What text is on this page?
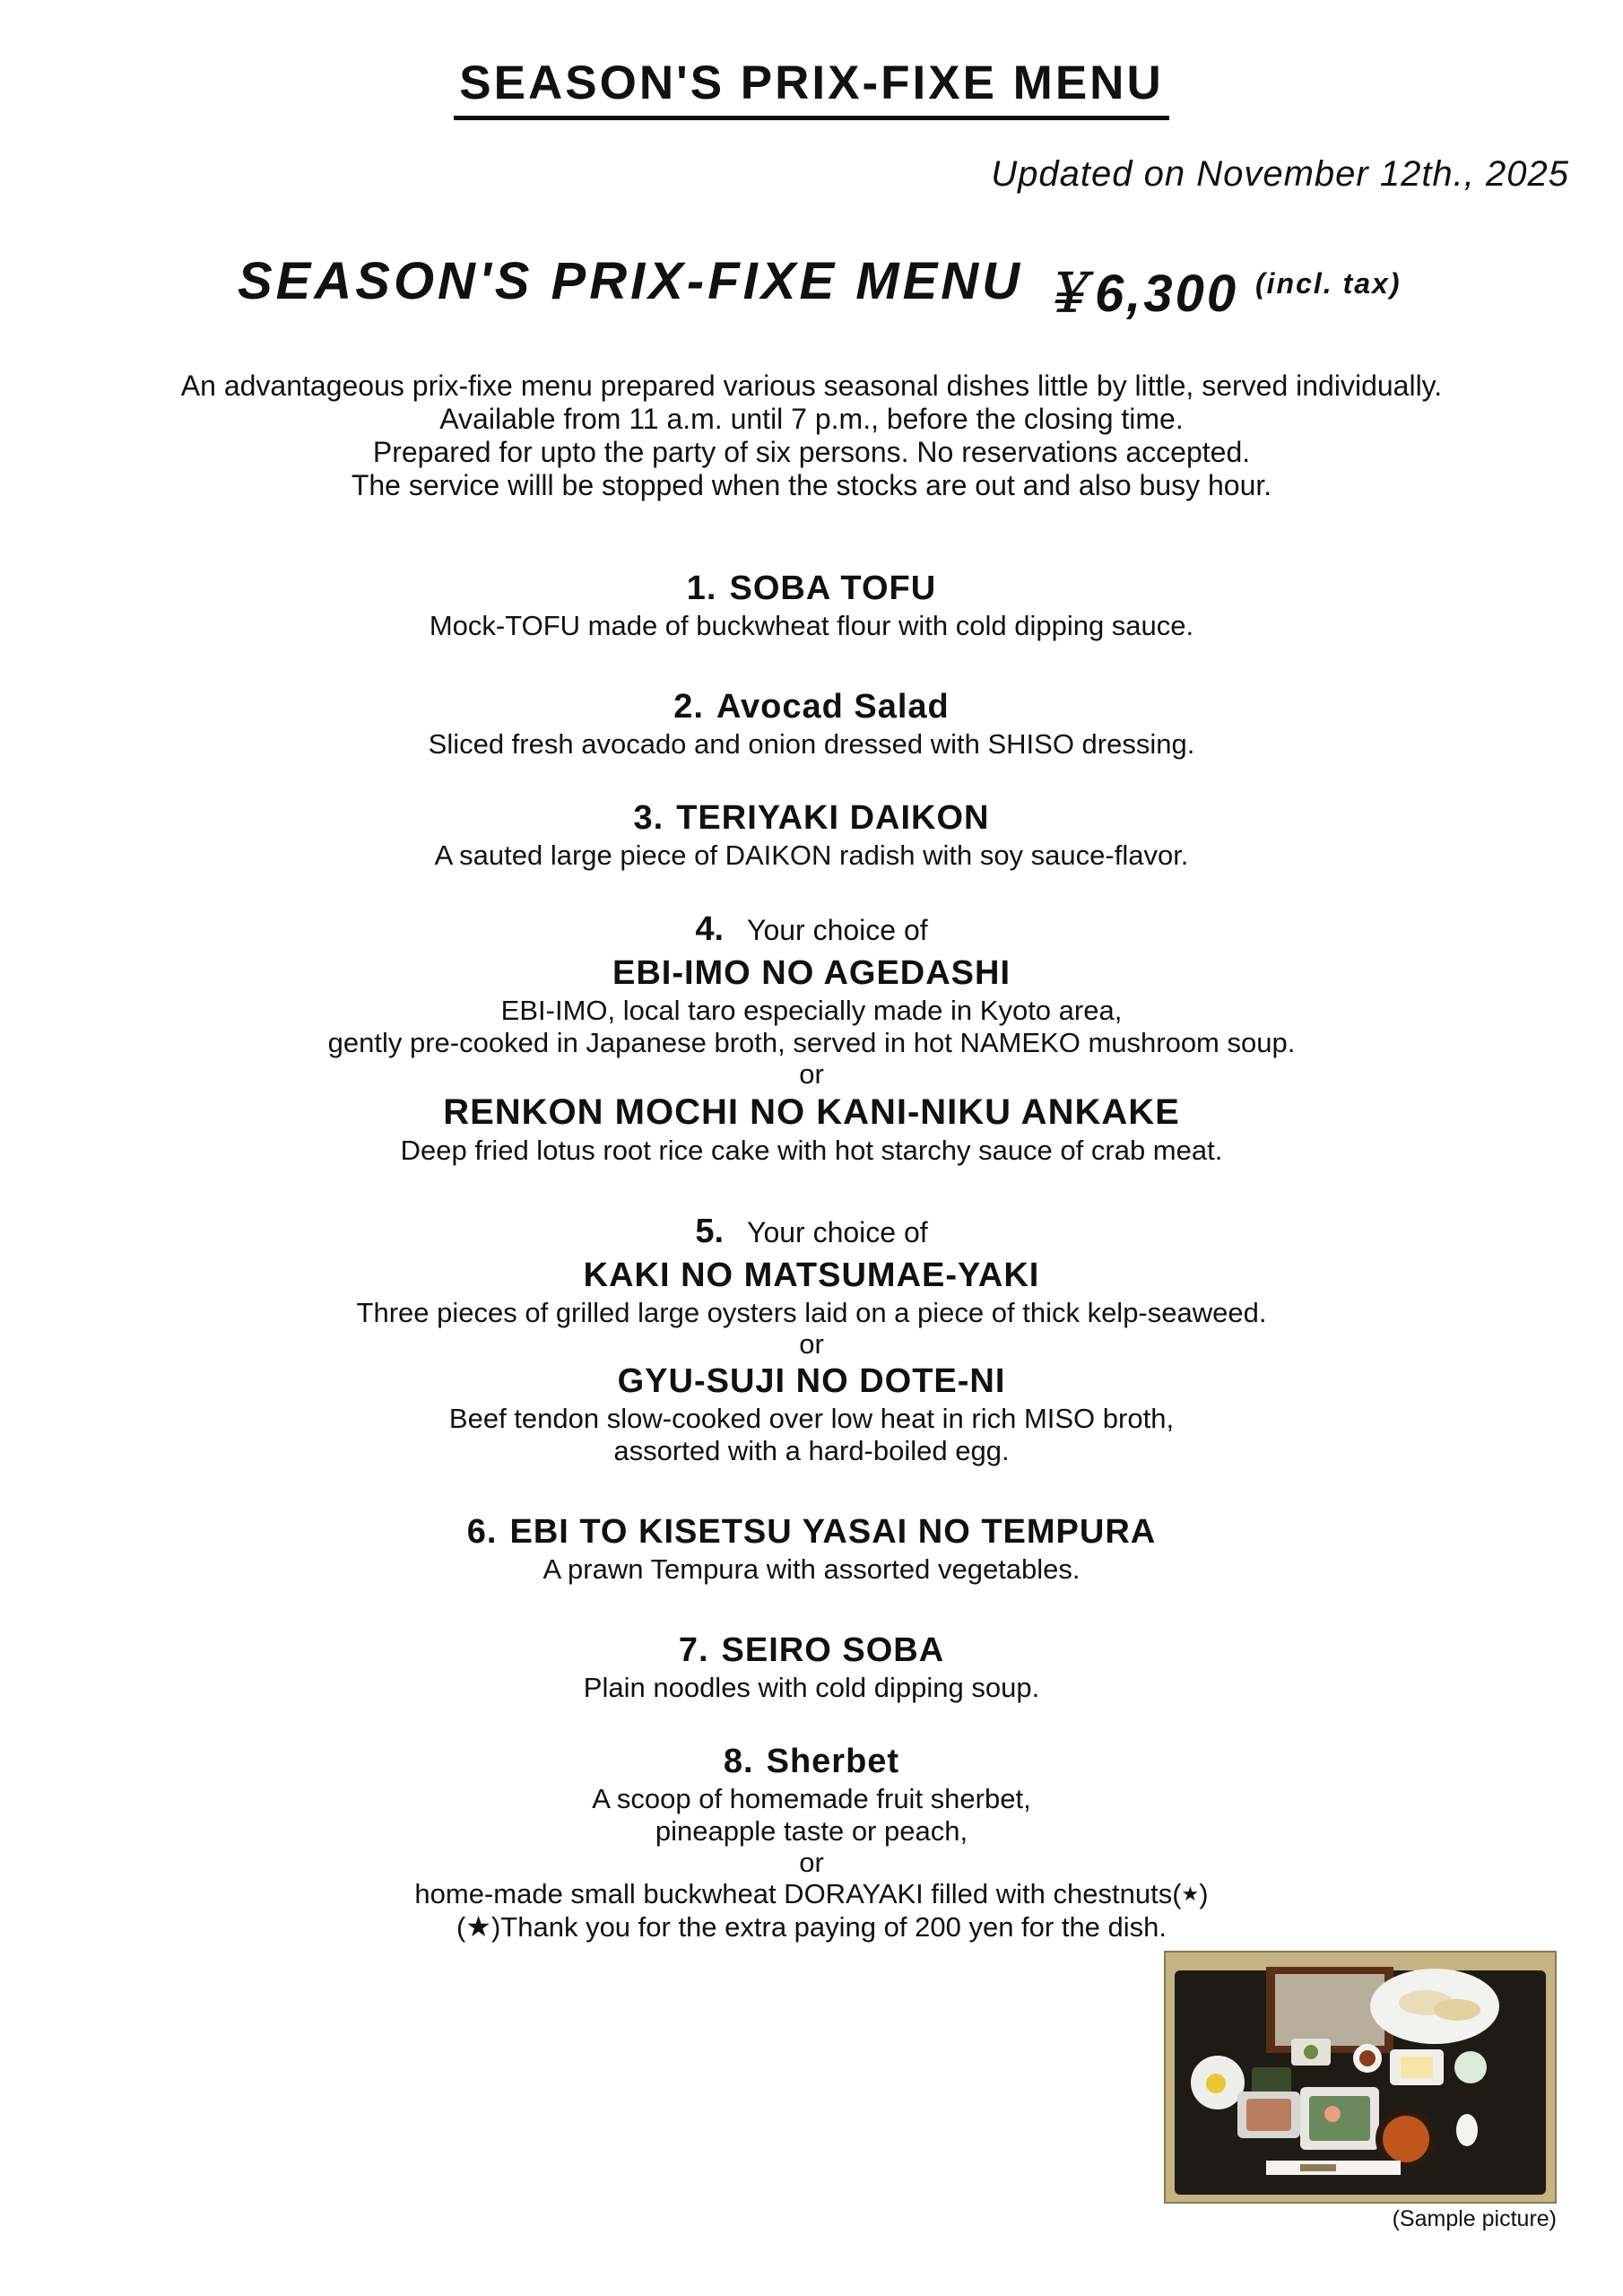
SEASON'S PRIX-FIXE MENU
Updated on November 12th., 2025
SEASON'S PRIX-FIXE MENU ￥6,300 (incl. tax)
An advantageous prix-fixe menu prepared various seasonal dishes little by little, served individually.
Available from 11 a.m. until 7 p.m., before the closing time.
Prepared for upto the party of six persons. No reservations accepted.
The service willl be stopped when the stocks are out and also busy hour.
1. SOBA TOFU
Mock-TOFU made of buckwheat flour with cold dipping sauce.
2. Avocad Salad
Sliced fresh avocado and onion dressed with SHISO dressing.
3. TERIYAKI DAIKON
A sauted large piece of DAIKON radish with soy sauce-flavor.
4. Your choice of
EBI-IMO NO AGEDASHI
EBI-IMO, local taro especially made in Kyoto area,
gently pre-cooked in Japanese broth, served in hot NAMEKO mushroom soup.
or
RENKON MOCHI NO KANI-NIKU ANKAKE
Deep fried lotus root rice cake with hot starchy sauce of crab meat.
5. Your choice of
KAKI NO MATSUMAE-YAKI
Three pieces of grilled large oysters laid on a piece of thick kelp-seaweed.
or
GYU-SUJI NO DOTE-NI
Beef tendon slow-cooked over low heat in rich MISO broth,
assorted with a hard-boiled egg.
6. EBI TO KISETSU YASAI NO TEMPURA
A prawn Tempura with assorted vegetables.
7. SEIRO SOBA
Plain noodles with cold dipping soup.
8. Sherbet
A scoop of homemade fruit sherbet,
pineapple taste or peach,
or
home-made small buckwheat DORAYAKI filled with chestnuts(★)
(★)Thank you for the extra paying of 200 yen for the dish.
(Sample picture)
